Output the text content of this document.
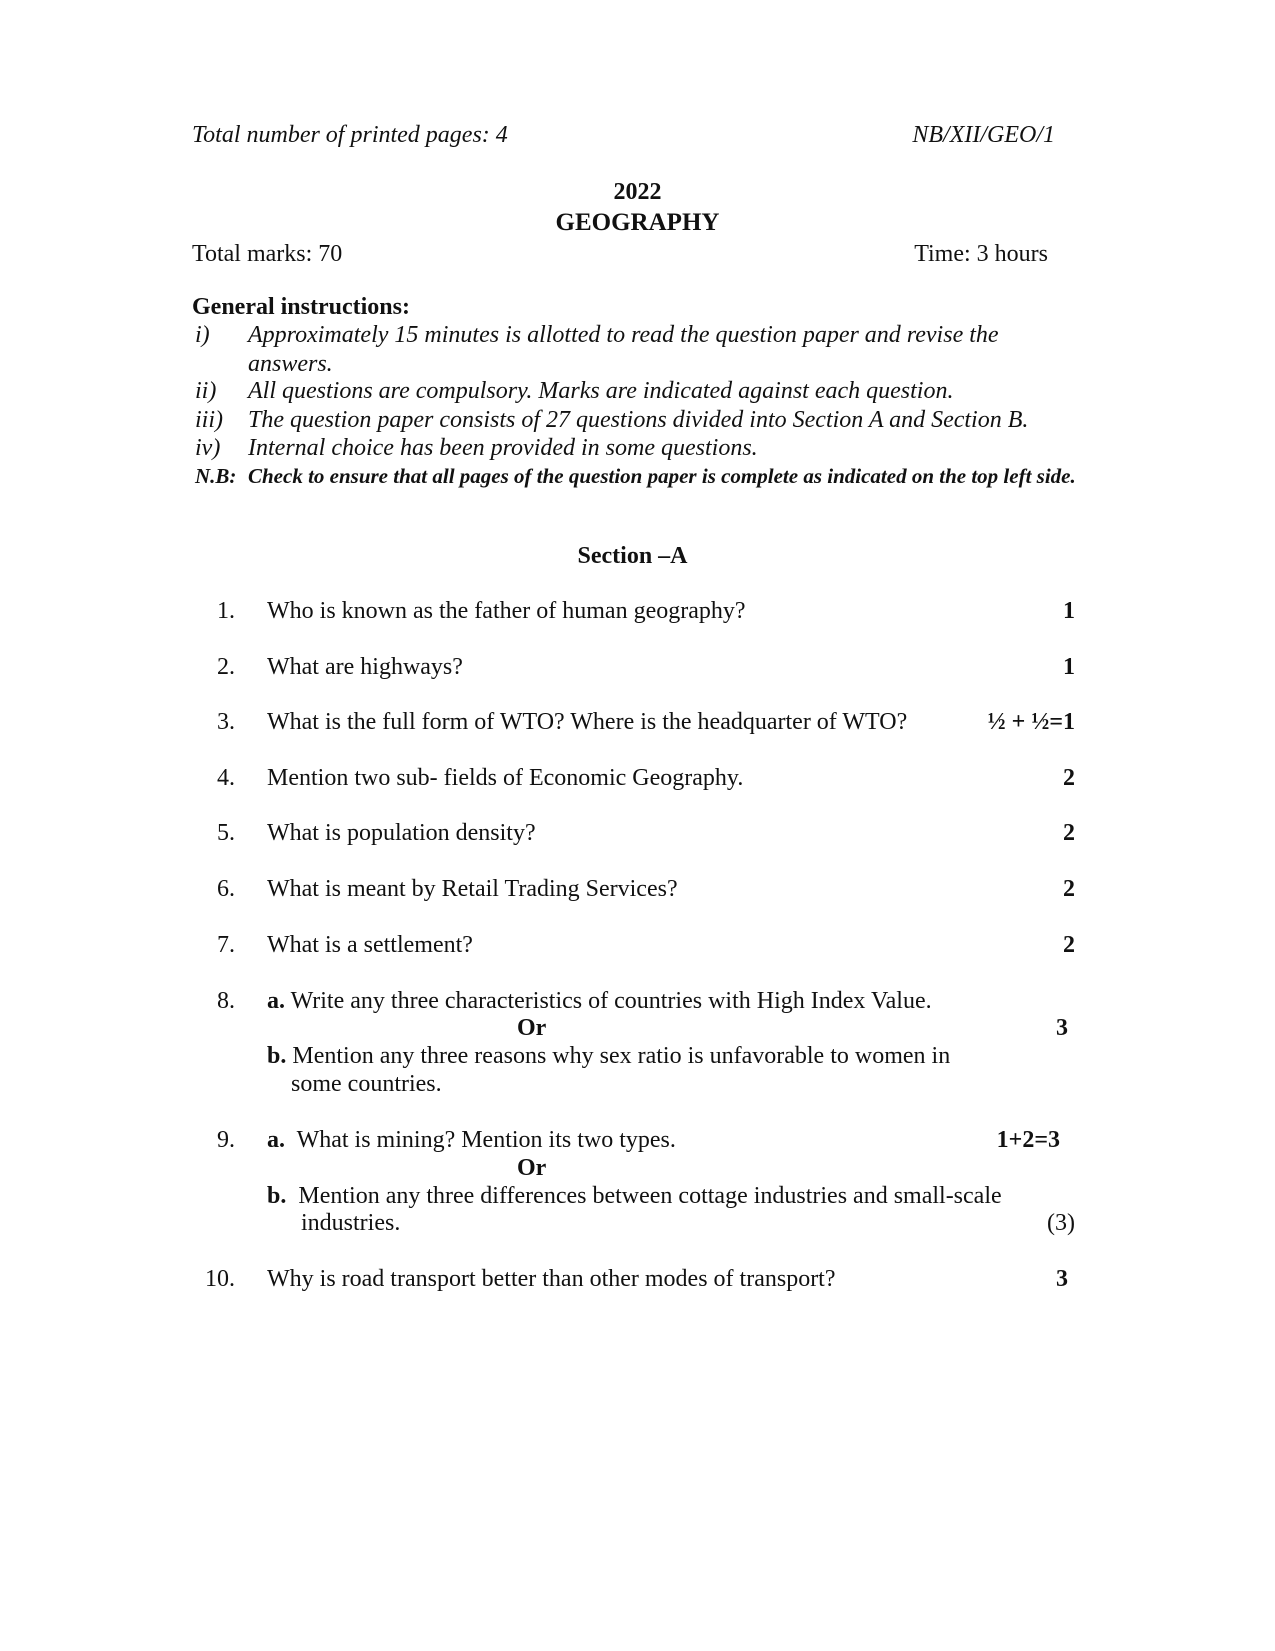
Total number of printed pages: 4	NB/XII/GEO/1
2022
GEOGRAPHY
Total marks: 70	Time: 3 hours
General instructions:
i) Approximately 15 minutes is allotted to read the question paper and revise the answers.
ii) All questions are compulsory. Marks are indicated against each question.
iii) The question paper consists of 27 questions divided into Section A and Section B.
iv) Internal choice has been provided in some questions.
N.B: Check to ensure that all pages of the question paper is complete as indicated on the top left side.
Section –A
1. Who is known as the father of human geography?	1
2. What are highways?	1
3. What is the full form of WTO? Where is the headquarter of WTO?	½ + ½=1
4. Mention two sub- fields of Economic Geography.	2
5. What is population density?	2
6. What is meant by Retail Trading Services?	2
7. What is a settlement?	2
8. a. Write any three characteristics of countries with High Index Value.
Or	3
b. Mention any three reasons why sex ratio is unfavorable to women in
some countries.
9. a. What is mining? Mention its two types.	1+2=3
Or
b. Mention any three differences between cottage industries and small-scale
industries.	(3)
10. Why is road transport better than other modes of transport?	3
